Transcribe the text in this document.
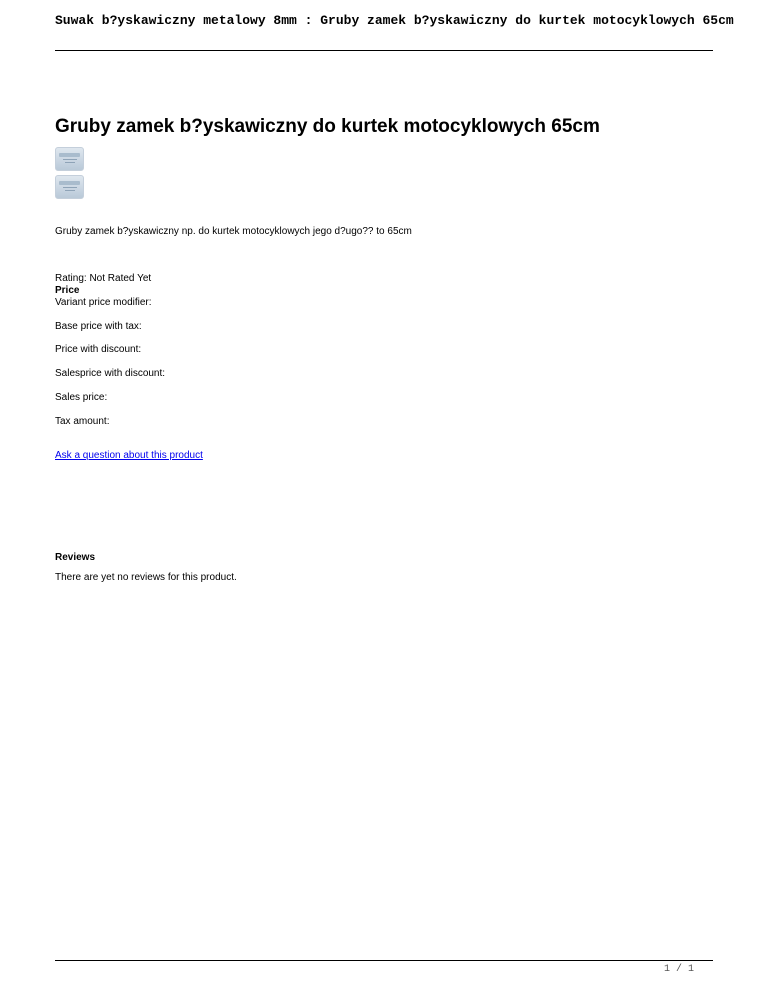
Suwak b?yskawiczny metalowy 8mm : Gruby zamek b?yskawiczny do kurtek motocyklowych 65cm
Gruby zamek b?yskawiczny do kurtek motocyklowych 65cm
Gruby zamek b?yskawiczny np. do kurtek motocyklowych jego d?ugo?? to 65cm
Rating: Not Rated Yet
Price
Variant price modifier:
Base price with tax:
Price with discount:
Salesprice with discount:
Sales price:
Tax amount:
Ask a question about this product
Reviews
There are yet no reviews for this product.
1 / 1
